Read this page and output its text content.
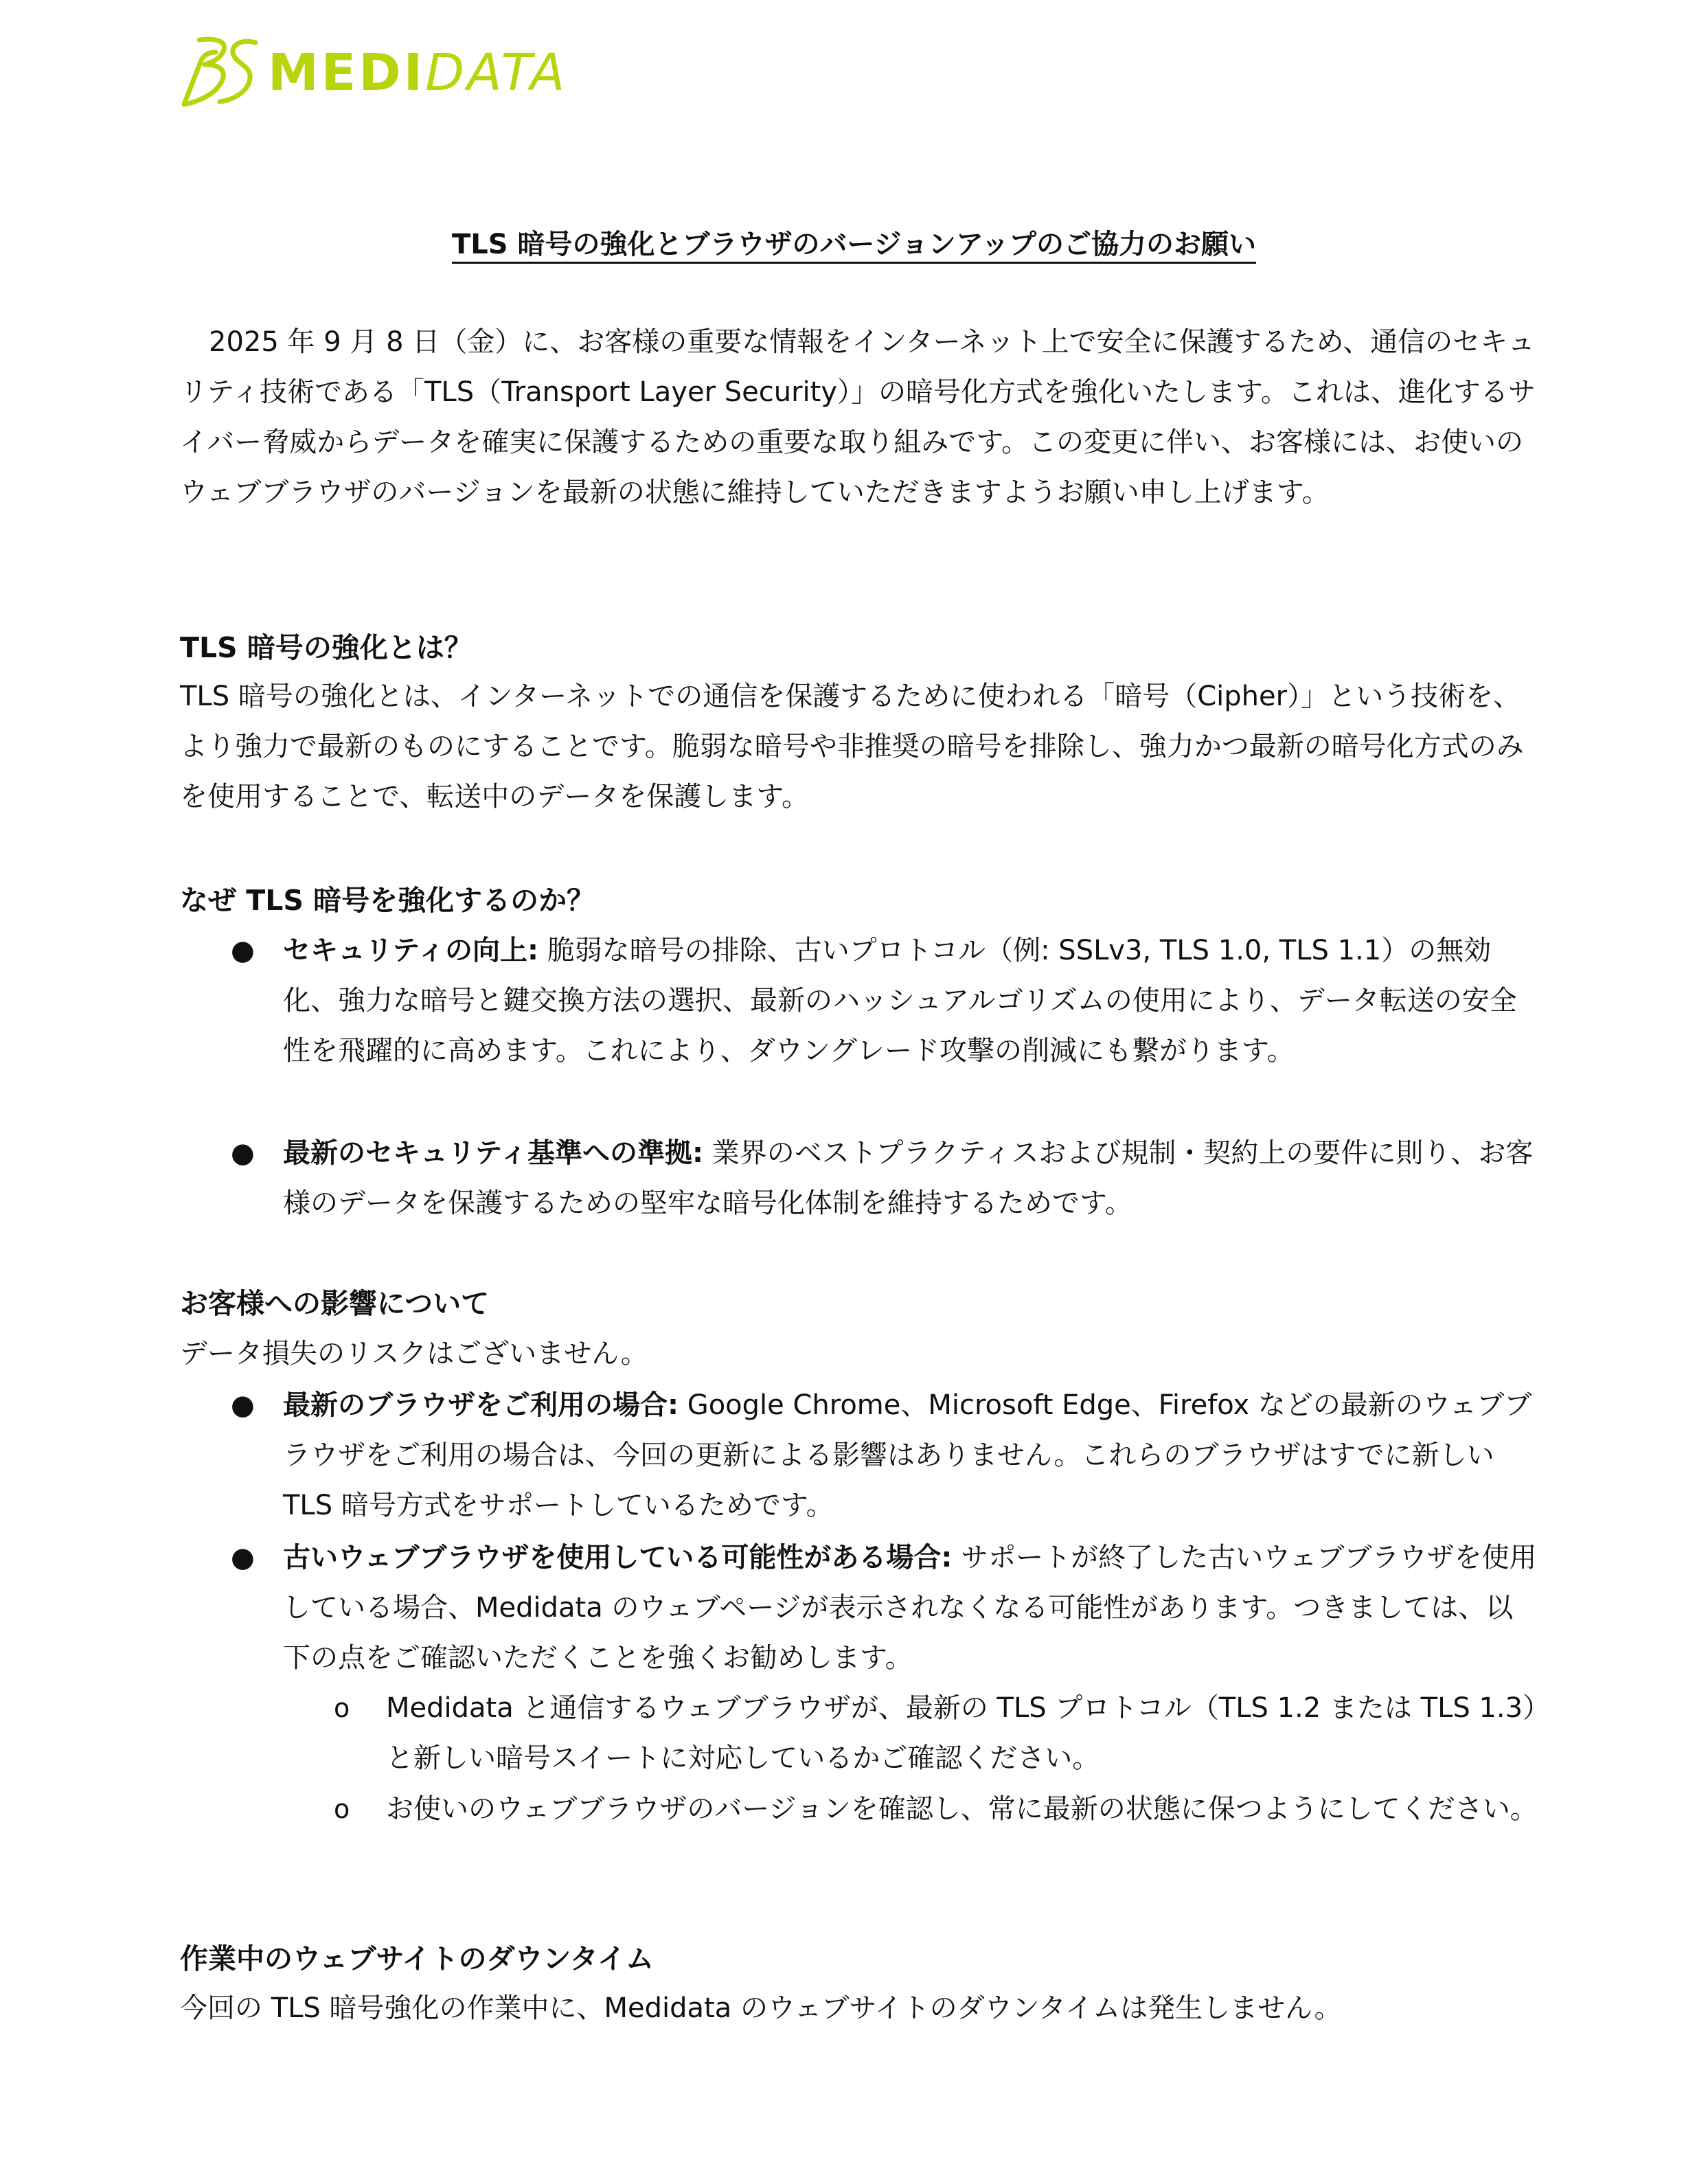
MEDIDATA
TLS 暗号の強化とブラウザのバージョンアップのご協力のお願い

2025 年 9 月 8 日（金）に、お客様の重要な情報をインターネット上で安全に保護するため、通信のセキュリティ技術である「TLS（Transport Layer Security）」の暗号化方式を強化いたします。これは、進化するサイバー脅威からデータを確実に保護するための重要な取り組みです。この変更に伴い、お客様には、お使いのウェブブラウザのバージョンを最新の状態に維持していただきますようお願い申し上げます。

TLS 暗号の強化とは？

TLS 暗号の強化とは、インターネットでの通信を保護するために使われる「暗号（Cipher）」という技術を、より強力で最新のものにすることです。脆弱な暗号や非推奨の暗号を排除し、強力かつ最新の暗号化方式のみを使用することで、転送中のデータを保護します。

なぜ TLS 暗号を強化するのか？

● セキュリティの向上: 脆弱な暗号の排除、古いプロトコル（例: SSLv3, TLS 1.0, TLS 1.1）の無効化、強力な暗号と鍵交換方法の選択、最新のハッシュアルゴリズムの使用により、データ転送の安全性を飛躍的に高めます。これにより、ダウングレード攻撃の削減にも繋がります。

● 最新のセキュリティ基準への準拠: 業界のベストプラクティスおよび規制・契約上の要件に則り、お客様のデータを保護するための堅牢な暗号化体制を維持するためです。

お客様への影響について

データ損失のリスクはございません。

● 最新のブラウザをご利用の場合: Google Chrome、Microsoft Edge、Firefox などの最新のウェブブラウザをご利用の場合は、今回の更新による影響はありません。これらのブラウザはすでに新しい TLS 暗号方式をサポートしているためです。

● 古いウェブブラウザを使用している可能性がある場合: サポートが終了した古いウェブブラウザを使用している場合、Medidata のウェブページが表示されなくなる可能性があります。つきましては、以下の点をご確認いただくことを強くお勧めします。

o Medidata と通信するウェブブラウザが、最新の TLS プロトコル（TLS 1.2 または TLS 1.3）と新しい暗号スイートに対応しているかご確認ください。

o お使いのウェブブラウザのバージョンを確認し、常に最新の状態に保つようにしてください。

作業中のウェブサイトのダウンタイム

今回の TLS 暗号強化の作業中に、Medidata のウェブサイトのダウンタイムは発生しません。
